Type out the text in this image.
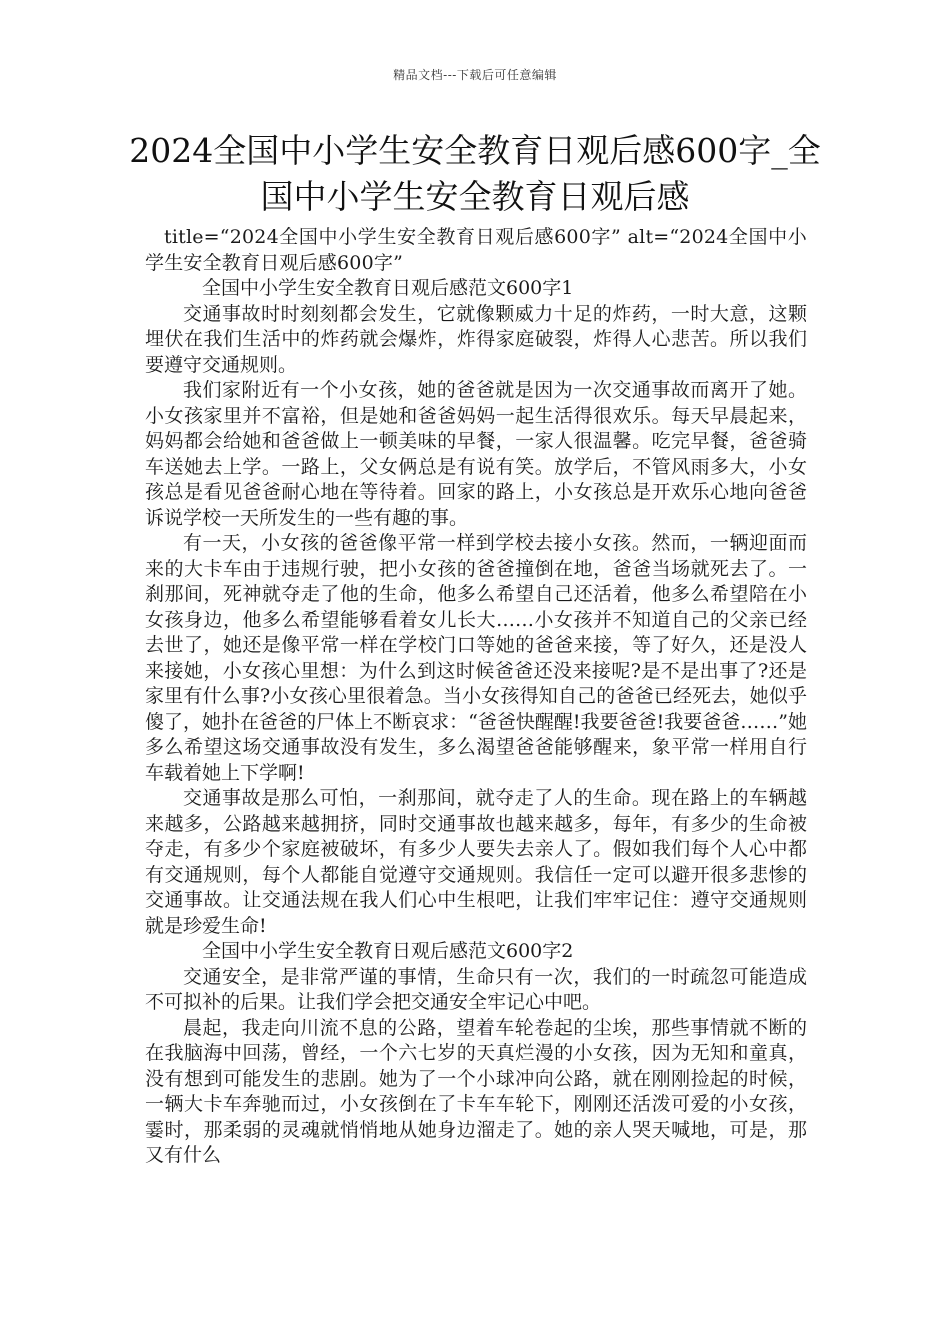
精品文档---下载后可任意编辑
2024全国中小学生安全教育日观后感600字_全国中小学生安全教育日观后感

title=“2024全国中小学生安全教育日观后感600字” alt=“2024全国中小学生安全教育日观后感600字”

全国中小学生安全教育日观后感范文600字1

交通事故时时刻刻都会发生，它就像颗威力十足的炸药，一时大意，这颗埋伏在我们生活中的炸药就会爆炸，炸得家庭破裂，炸得人心悲苦。所以我们要遵守交通规则。

我们家附近有一个小女孩，她的爸爸就是因为一次交通事故而离开了她。小女孩家里并不富裕，但是她和爸爸妈妈一起生活得很欢乐。每天早晨起来，妈妈都会给她和爸爸做上一顿美味的早餐，一家人很温馨。吃完早餐，爸爸骑车送她去上学。一路上，父女俩总是有说有笑。放学后，不管风雨多大，小女孩总是看见爸爸耐心地在等待着。回家的路上，小女孩总是开欢乐心地向爸爸诉说学校一天所发生的一些有趣的事。

有一天，小女孩的爸爸像平常一样到学校去接小女孩。然而，一辆迎面而来的大卡车由于违规行驶，把小女孩的爸爸撞倒在地，爸爸当场就死去了。一刹那间，死神就夺走了他的生命，他多么希望自己还活着，他多么希望陪在小女孩身边，他多么希望能够看着女儿长大……小女孩并不知道自己的父亲已经去世了，她还是像平常一样在学校门口等她的爸爸来接，等了好久，还是没人来接她，小女孩心里想：为什么到这时候爸爸还没来接呢?是不是出事了?还是家里有什么事?小女孩心里很着急。当小女孩得知自己的爸爸已经死去，她似乎傻了，她扑在爸爸的尸体上不断哀求：“爸爸快醒醒!我要爸爸!我要爸爸……”她多么希望这场交通事故没有发生，多么渴望爸爸能够醒来，象平常一样用自行车载着她上下学啊!

交通事故是那么可怕，一刹那间，就夺走了人的生命。现在路上的车辆越来越多，公路越来越拥挤，同时交通事故也越来越多，每年，有多少的生命被夺走，有多少个家庭被破坏，有多少人要失去亲人了。假如我们每个人心中都有交通规则，每个人都能自觉遵守交通规则。我信任一定可以避开很多悲惨的交通事故。让交通法规在我人们心中生根吧，让我们牢牢记住：遵守交通规则就是珍爱生命!

全国中小学生安全教育日观后感范文600字2

交通安全，是非常严谨的事情，生命只有一次，我们的一时疏忽可能造成不可拟补的后果。让我们学会把交通安全牢记心中吧。

晨起，我走向川流不息的公路，望着车轮卷起的尘埃，那些事情就不断的在我脑海中回荡，曾经，一个六七岁的天真烂漫的小女孩，因为无知和童真，没有想到可能发生的悲剧。她为了一个小球冲向公路，就在刚刚捡起的时候，一辆大卡车奔驰而过，小女孩倒在了卡车车轮下，刚刚还活泼可爱的小女孩，霎时，那柔弱的灵魂就悄悄地从她身边溜走了。她的亲人哭天喊地，可是，那又有什么
